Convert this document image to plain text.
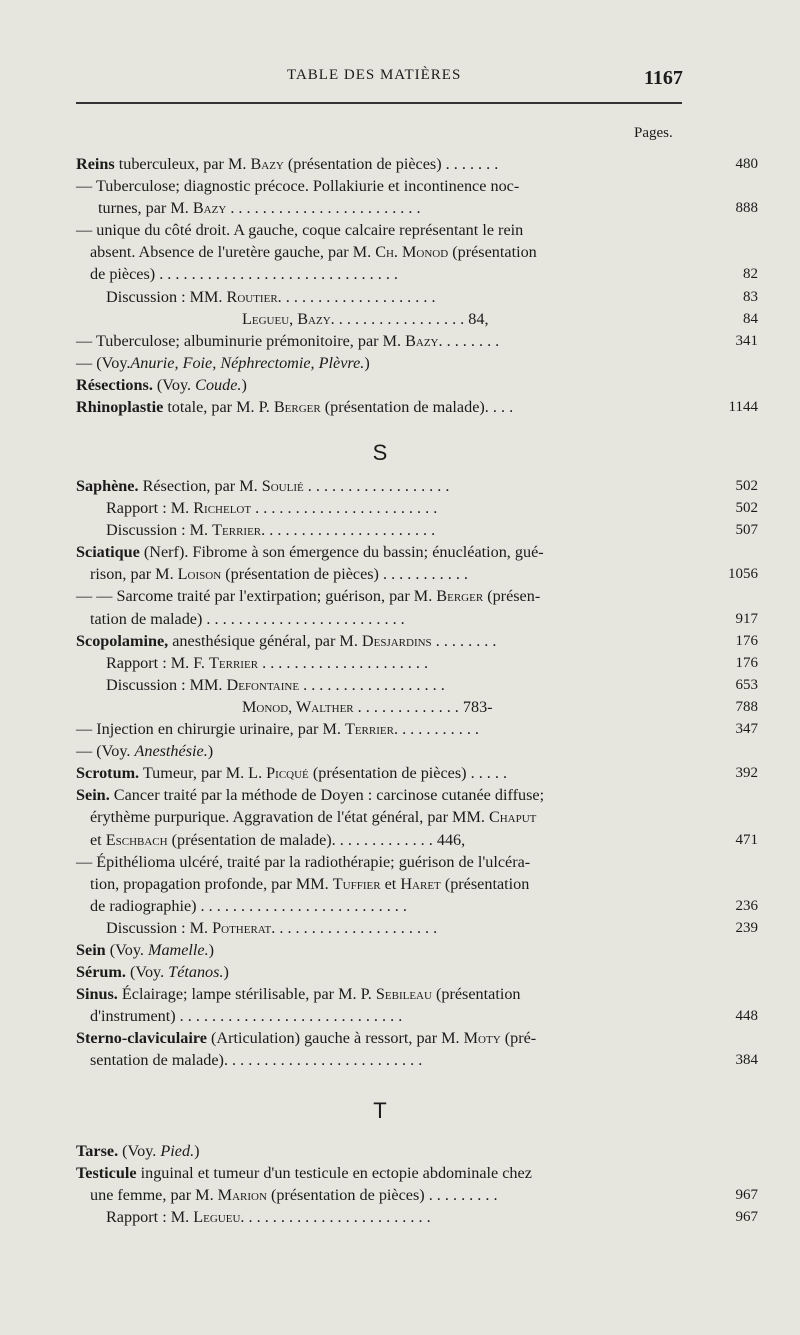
TABLE DES MATIÈRES	1167
Pages.
Reins tuberculeux, par M. Bazy (présentation de pièces) . . . . . . .	480
— Tuberculose; diagnostic précoce. Pollakiurie et incontinence noc-
turnes, par M. Bazy . . . . . . . . . . . . . . . . . . . . . . . .	888
— unique du côté droit. A gauche, coque calcaire représentant le rein
absent. Absence de l'uretère gauche, par M. Ch. Monod (présentation
de pièces) . . . . . . . . . . . . . . . . . . . . . . . . . . . . . .	82
Discussion : MM. Routier. . . . . . . . . . . . . . . . . . . .	83
Legueu, Bazy. . . . . . . . . . . . . . . . . 84,	84
— Tuberculose; albuminurie prémonitoire, par M. Bazy. . . . . . . .	341
— (Voy.Anurie, Foie, Néphrectomie, Plèvre.)
Résections. (Voy. Coude.)
Rhinoplastie totale, par M. P. Berger (présentation de malade). . . .	1144
S
Saphène. Résection, par M. Soulié . . . . . . . . . . . . . . . . . .	502
Rapport : M. Richelot . . . . . . . . . . . . . . . . . . . . . . .	502
Discussion : M. Terrier. . . . . . . . . . . . . . . . . . . . . .	507
Sciatique (Nerf). Fibrome à son émergence du bassin; énucléation, gué-
rison, par M. Loison (présentation de pièces) . . . . . . . . . . .	1056
— — Sarcome traité par l'extirpation; guérison, par M. Berger (présen-
tation de malade) . . . . . . . . . . . . . . . . . . . . . . . . .	917
Scopolamine, anesthésique général, par M. Desjardins . . . . . . . .	176
Rapport : M. F. Terrier . . . . . . . . . . . . . . . . . . . . .	176
Discussion : MM. Defontaine . . . . . . . . . . . . . . . . . .	653
Monod, Walther . . . . . . . . . . . . . 783-	788
— Injection en chirurgie urinaire, par M. Terrier. . . . . . . . . . .	347
— (Voy. Anesthésie.)
Scrotum. Tumeur, par M. L. Picqué (présentation de pièces) . . . . .	392
Sein. Cancer traité par la méthode de Doyen : carcinose cutanée diffuse;
érythème purpurique. Aggravation de l'état général, par MM. Chaput
et Eschbach (présentation de malade). . . . . . . . . . . . . 446,	471
— Épithélioma ulcéré, traité par la radiothérapie; guérison de l'ulcéra-
tion, propagation profonde, par MM. Tuffier et Haret (présentation
de radiographie) . . . . . . . . . . . . . . . . . . . . . . . . . .	236
Discussion : M. Potherat. . . . . . . . . . . . . . . . . . . . .	239
Sein (Voy. Mamelle.)
Sérum. (Voy. Tétanos.)
Sinus. Éclairage; lampe stérilisable, par M. P. Sebileau (présentation
d'instrument) . . . . . . . . . . . . . . . . . . . . . . . . . . . .	448
Sterno-claviculaire (Articulation) gauche à ressort, par M. Moty (pré-
sentation de malade). . . . . . . . . . . . . . . . . . . . . . . . .	384
T
Tarse. (Voy. Pied.)
Testicule inguinal et tumeur d'un testicule en ectopie abdominale chez
une femme, par M. Marion (présentation de pièces) . . . . . . . . .	967
Rapport : M. Legueu. . . . . . . . . . . . . . . . . . . . . . . .	967
